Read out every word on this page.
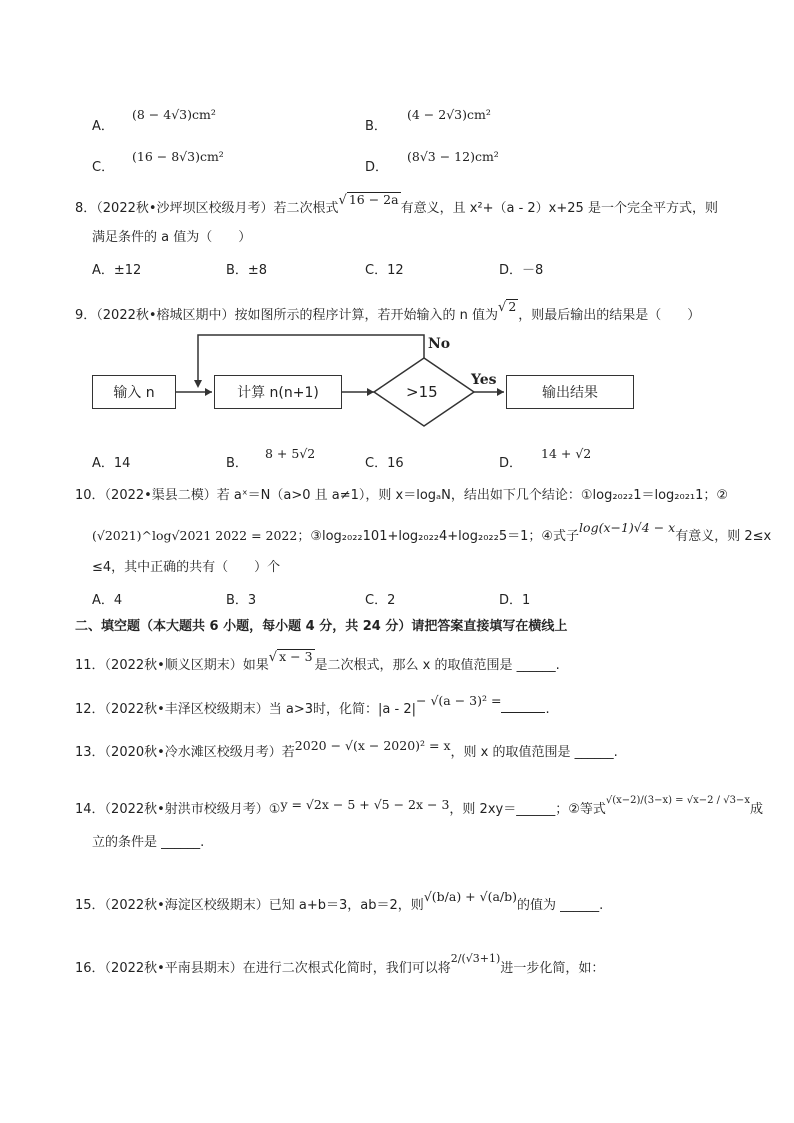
A．
(8 − 4√3)cm²
B．
(4 − 2√3)cm²
C．
(16 − 8√3)cm²
D．
(8√3 − 12)cm²
8．（2022秋•沙坪坝区校级月考）若二次根式√ 16 − 2a有意义，且 x²+（a - 2）x+25 是一个完全平方式，则
满足条件的 a 值为（　　）
A．±12	B．±8	C．12	D．－8
9．（2022秋•榕城区期中）按如图所示的程序计算，若开始输入的 n 值为√ 2，则最后输出的结果是（　　）
输入 n	计算 n(n+1)	>15	输出结果
No
Yes
A．14	B．
8 + 5√2
C．16	D．
14 + √2
10．（2022•渠县二模）若 aˣ＝N（a>0 且 a≠1），则 x＝logₐN，结出如下几个结论：①log₂₀₂₂1＝log₂₀₂₁1；②
(√2021)^log√2021 2022 = 2022；③log₂₀₂₂101+log₂₀₂₂4+log₂₀₂₂5＝1；④式子log(x−1)√4 − x有意义，则 2≤x
≤4，其中正确的共有（　　）个
A．4	B．3	C．2	D．1
二、填空题（本大题共 6 小题，每小题 4 分，共 24 分）请把答案直接填写在横线上
11．（2022秋•顺义区期末）如果√ x − 3是二次根式，那么 x 的取值范围是 ______.
12．（2022秋•丰泽区校级期末）当 a>3时，化简：|a - 2|− √(a − 3)² =.
13．（2020秋•冷水滩区校级月考）若2020 − √(x − 2020)² = x，则 x 的取值范围是 ______.
14．（2022秋•射洪市校级月考）①y = √2x − 5 + √5 − 2x − 3，则 2xy＝______；②等式$^{√(x-2)/(3-x) = √x-2 / √3-x}$成
立的条件是 ______.
15．（2022秋•海淀区校级期末）已知 a+b＝3，ab＝2，则√(b/a) + √(a/b)的值为 ______.
16．（2022秋•平南县期末）在进行二次根式化简时，我们可以将$^{2/(√3+1)}$进一步化简，如：
